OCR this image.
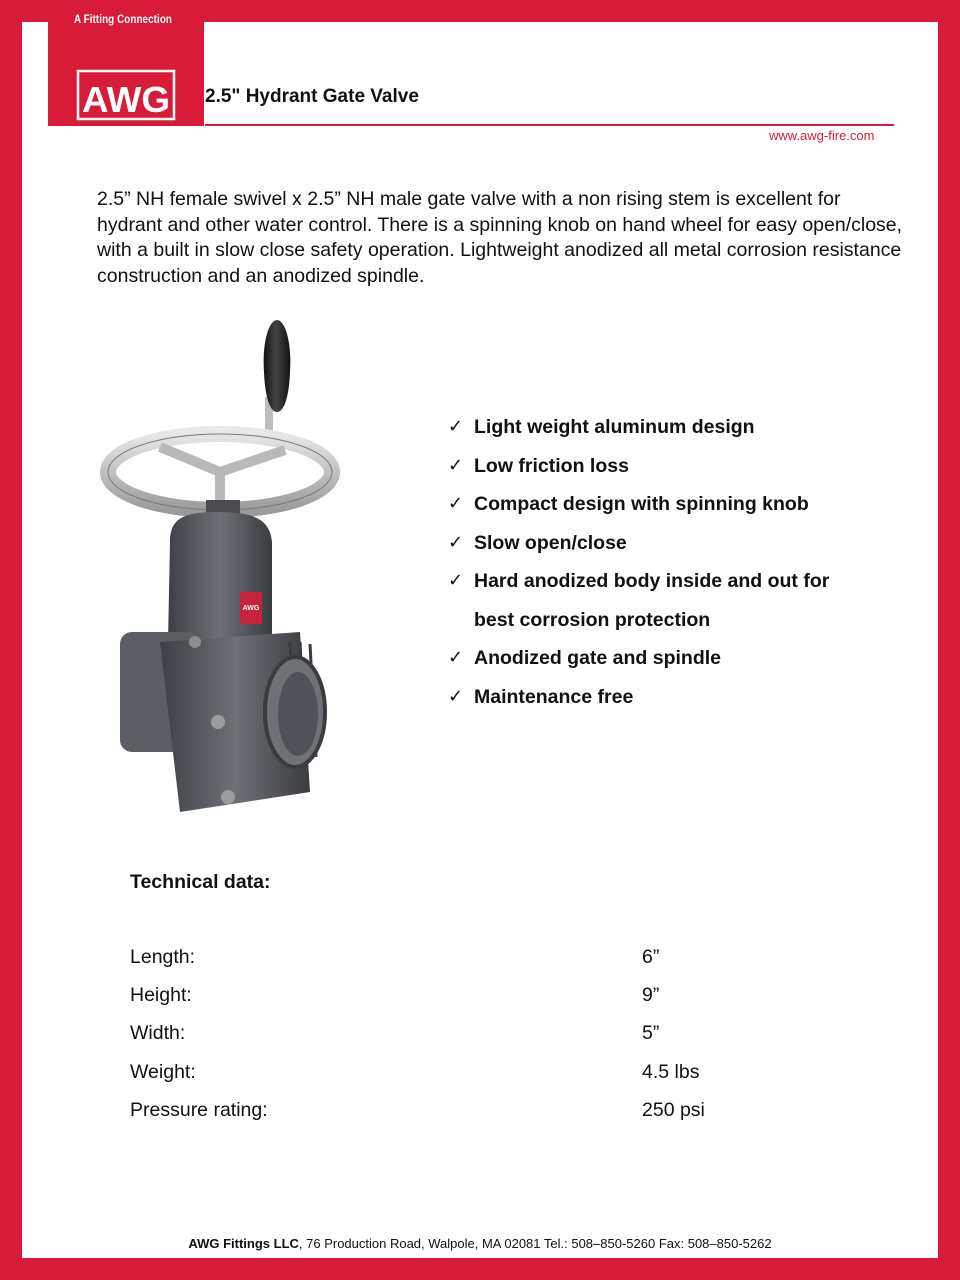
A Fitting Connection
AWG 2.5" Hydrant Gate Valve
www.awg-fire.com
2.5” NH female swivel x 2.5” NH male gate valve with a non rising stem is excellent for hydrant and other water control. There is a spinning knob on hand wheel for easy open/close, with a built in slow close safety operation. Lightweight anodized all metal corrosion resistance construction and an anodized spindle.
AWG
✓ Light weight aluminum design
✓ Low friction loss
✓ Compact design with spinning knob
✓ Slow open/close
✓ Hard anodized body inside and out for
best corrosion protection
✓ Anodized gate and spindle
✓ Maintenance free
Technical data:
Length:	6”
Height:	9”
Width:	5”
Weight:	4.5 lbs
Pressure rating:	250 psi
AWG Fittings LLC, 76 Production Road, Walpole, MA 02081 Tel.: 508–850-5260 Fax: 508–850-5262
